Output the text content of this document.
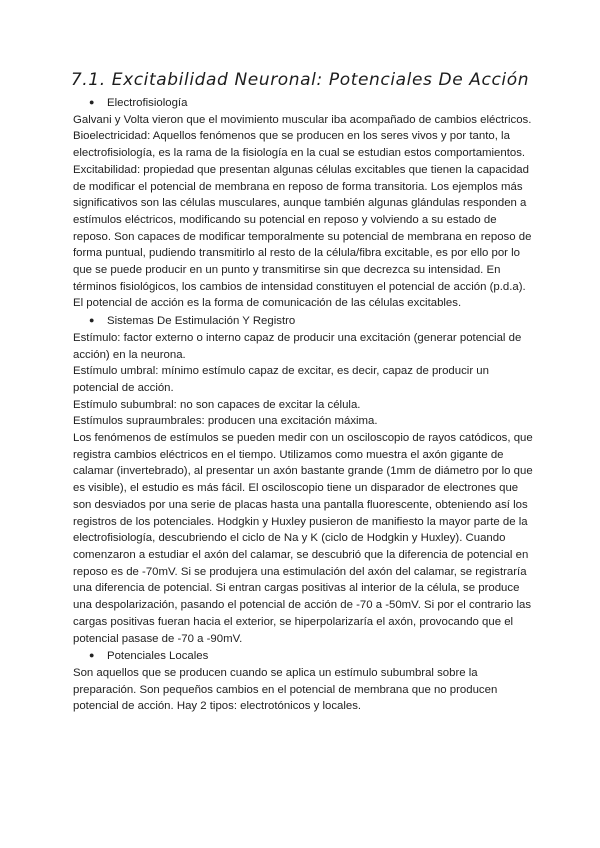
7.1. Excitabilidad Neuronal: Potenciales De Acción
● Electrofisiología

Galvani y Volta vieron que el movimiento muscular iba acompañado de cambios eléctricos. Bioelectricidad: Aquellos fenómenos que se producen en los seres vivos y por tanto, la electrofisiología, es la rama de la fisiología en la cual se estudian estos comportamientos. Excitabilidad: propiedad que presentan algunas células excitables que tienen la capacidad de modificar el potencial de membrana en reposo de forma transitoria. Los ejemplos más significativos son las células musculares, aunque también algunas glándulas responden a estímulos eléctricos, modificando su potencial en reposo y volviendo a su estado de reposo. Son capaces de modificar temporalmente su potencial de membrana en reposo de forma puntual, pudiendo transmitirlo al resto de la célula/fibra excitable, es por ello por lo que se puede producir en un punto y transmitirse sin que decrezca su intensidad. En términos fisiológicos, los cambios de intensidad constituyen el potencial de acción (p.d.a). El potencial de acción es la forma de comunicación de las células excitables.

● Sistemas De Estimulación Y Registro

Estímulo: factor externo o interno capaz de producir una excitación (generar potencial de acción) en la neurona.

Estímulo umbral: mínimo estímulo capaz de excitar, es decir, capaz de producir un potencial de acción.

Estímulo subumbral: no son capaces de excitar la célula.

Estímulos supraumbrales: producen una excitación máxima.

Los fenómenos de estímulos se pueden medir con un osciloscopio de rayos catódicos, que registra cambios eléctricos en el tiempo. Utilizamos como muestra el axón gigante de calamar (invertebrado), al presentar un axón bastante grande (1mm de diámetro por lo que es visible), el estudio es más fácil. El osciloscopio tiene un disparador de electrones que son desviados por una serie de placas hasta una pantalla fluorescente, obteniendo así los registros de los potenciales. Hodgkin y Huxley pusieron de manifiesto la mayor parte de la electrofisiología, descubriendo el ciclo de Na y K (ciclo de Hodgkin y Huxley). Cuando comenzaron a estudiar el axón del calamar, se descubrió que la diferencia de potencial en reposo es de -70mV. Si se produjera una estimulación del axón del calamar, se registraría una diferencia de potencial. Si entran cargas positivas al interior de la célula, se produce una despolarización, pasando el potencial de acción de -70 a -50mV. Si por el contrario las cargas positivas fueran hacia el exterior, se hiperpolarizaría el axón, provocando que el potencial pasase de -70 a -90mV.

● Potenciales Locales

Son aquellos que se producen cuando se aplica un estímulo subumbral sobre la preparación. Son pequeños cambios en el potencial de membrana que no producen potencial de acción. Hay 2 tipos: electrotónicos y locales.
